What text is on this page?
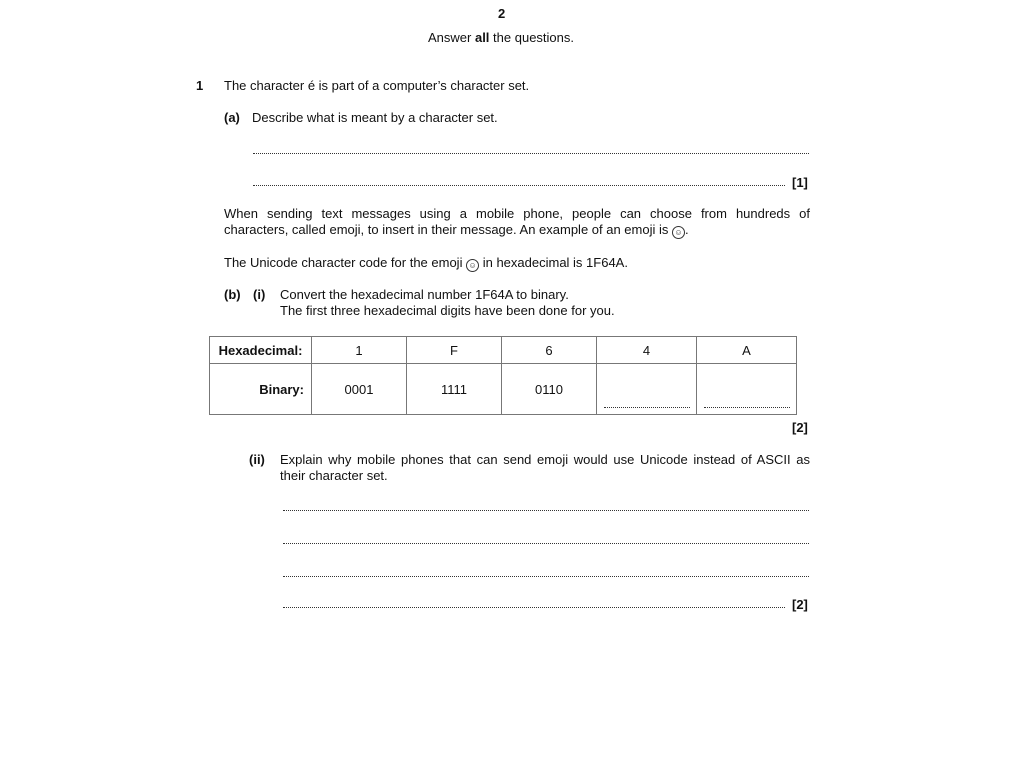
2
Answer all the questions.
1 The character é is part of a computer’s character set.
(a) Describe what is meant by a character set.
[1]
When sending text messages using a mobile phone, people can choose from hundreds of
characters, called emoji, to insert in their message. An example of an emoji is ☺ .
The Unicode character code for the emoji ☺ in hexadecimal is 1F64A.
(b) (i) Convert the hexadecimal number 1F64A to binary.
The first three hexadecimal digits have been done for you.
Hexadecimal:	1	F	6	4	A
Binary:	0001	1111	0110	

[2]
(ii) Explain why mobile phones that can send emoji would use Unicode instead of ASCII as
their character set.
[2]
